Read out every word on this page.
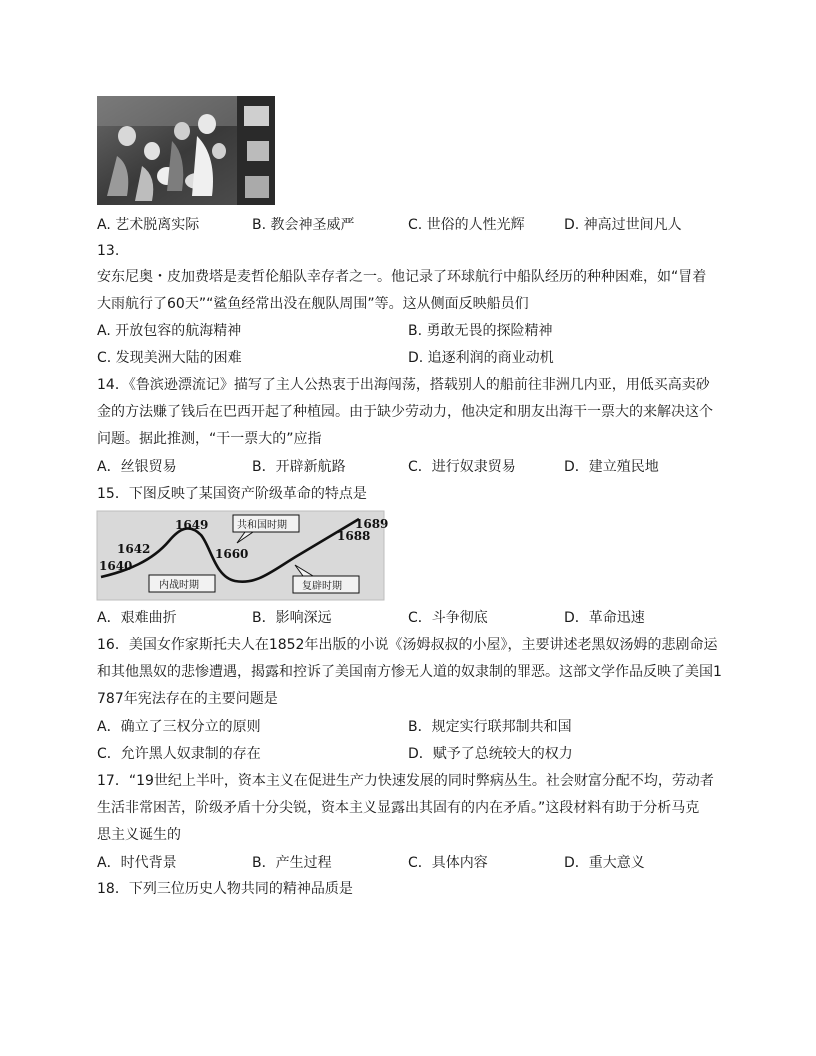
A. 艺术脱离实际	B. 教会神圣威严	C. 世俗的人性光辉	D. 神高过世间凡人
13.
安东尼奥・皮加费塔是麦哲伦船队幸存者之一。他记录了环球航行中船队经历的种种困难，如“冒着
大雨航行了60天”“鲨鱼经常出没在舰队周围”等。这从侧面反映船员们
A. 开放包容的航海精神	B. 勇敢无畏的探险精神
C. 发现美洲大陆的困难	D. 追逐利润的商业动机
14．《鲁滨逊漂流记》描写了主人公热衷于出海闯荡，搭载别人的船前往非洲几内亚，用低买高卖砂
金的方法赚了钱后在巴西开起了种植园。由于缺少劳动力，他决定和朋友出海干一票大的来解决这个
问题。据此推测，“干一票大的”应指
A．丝银贸易	B．开辟新航路	C．进行奴隶贸易	D．建立殖民地
15．下图反映了某国资产阶级革命的特点是
1640
1642
1649
1660
1688
1689
共和国时期
内战时期	复辟时期
A．艰难曲折	B．影响深远	C．斗争彻底	D．革命迅速
16．美国女作家斯托夫人在1852年出版的小说《汤姆叔叔的小屋》，主要讲述老黑奴汤姆的悲剧命运
和其他黑奴的悲惨遭遇，揭露和控诉了美国南方惨无人道的奴隶制的罪恶。这部文学作品反映了美国1
787年宪法存在的主要问题是
A．确立了三权分立的原则	B．规定实行联邦制共和国
C．允许黑人奴隶制的存在	D．赋予了总统较大的权力
17．“19世纪上半叶，资本主义在促进生产力快速发展的同时弊病丛生。社会财富分配不均，劳动者
生活非常困苦，阶级矛盾十分尖锐，资本主义显露出其固有的内在矛盾。”这段材料有助于分析马克
思主义诞生的
A．时代背景	B．产生过程	C．具体内容	D．重大意义
18．下列三位历史人物共同的精神品质是
